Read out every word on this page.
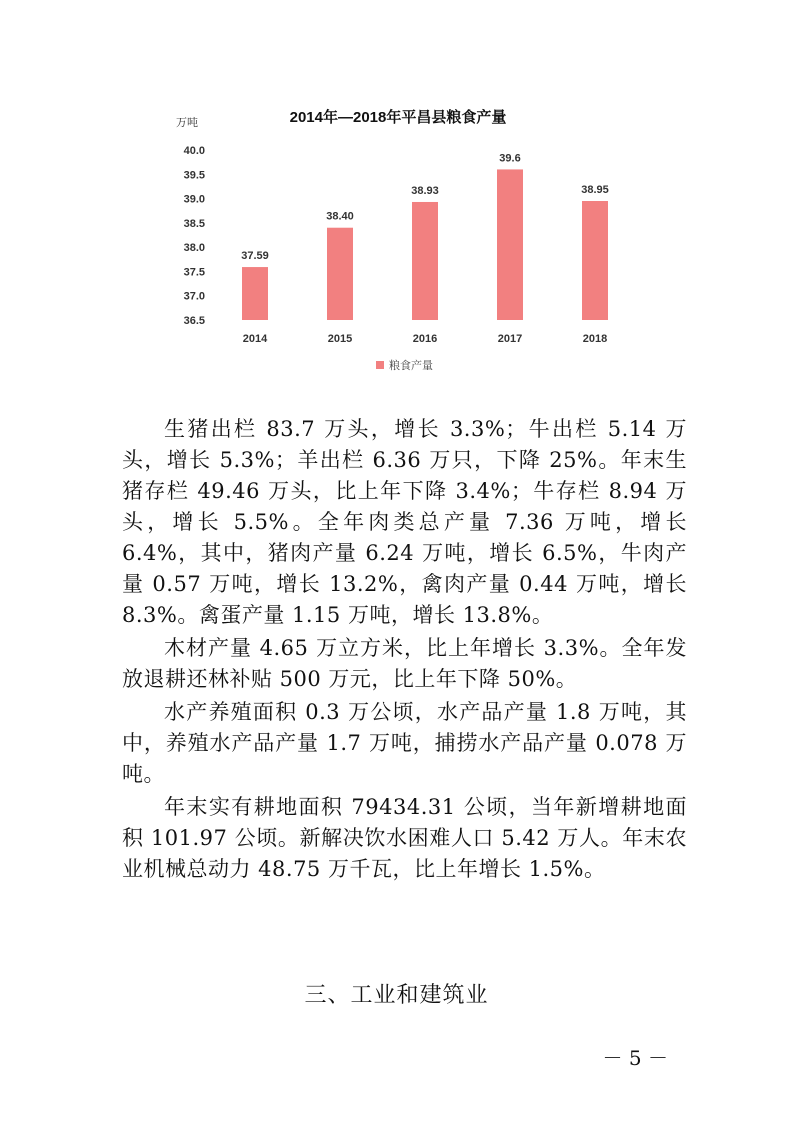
2014年—2018年平昌县粮食产量
万吨
40.0
39.5
39.0
38.5
38.0
37.5
37.0
36.5
37.59
38.40
38.93
39.6
38.95
2014	2015	2016	2017	2018
粮食产量

生猪出栏 83.7 万头，增长 3.3%；牛出栏 5.14 万头，增长 5.3%；羊出栏 6.36 万只，下降 25%。年末生猪存栏 49.46 万头，比上年下降 3.4%；牛存栏 8.94 万头，增长 5.5%。全年肉类总产量 7.36 万吨，增长 6.4%，其中，猪肉产量 6.24 万吨，增长 6.5%，牛肉产量 0.57 万吨，增长 13.2%，禽肉产量 0.44 万吨，增长 8.3%。禽蛋产量 1.15 万吨，增长 13.8%。

木材产量 4.65 万立方米，比上年增长 3.3%。全年发放退耕还林补贴 500 万元，比上年下降 50%。

水产养殖面积 0.3 万公顷，水产品产量 1.8 万吨，其中，养殖水产品产量 1.7 万吨，捕捞水产品产量 0.078 万吨。

年末实有耕地面积 79434.31 公顷，当年新增耕地面积 101.97 公顷。新解决饮水困难人口 5.42 万人。年末农业机械总动力 48.75 万千瓦，比上年增长 1.5%。

三、工业和建筑业
－ 5 －
